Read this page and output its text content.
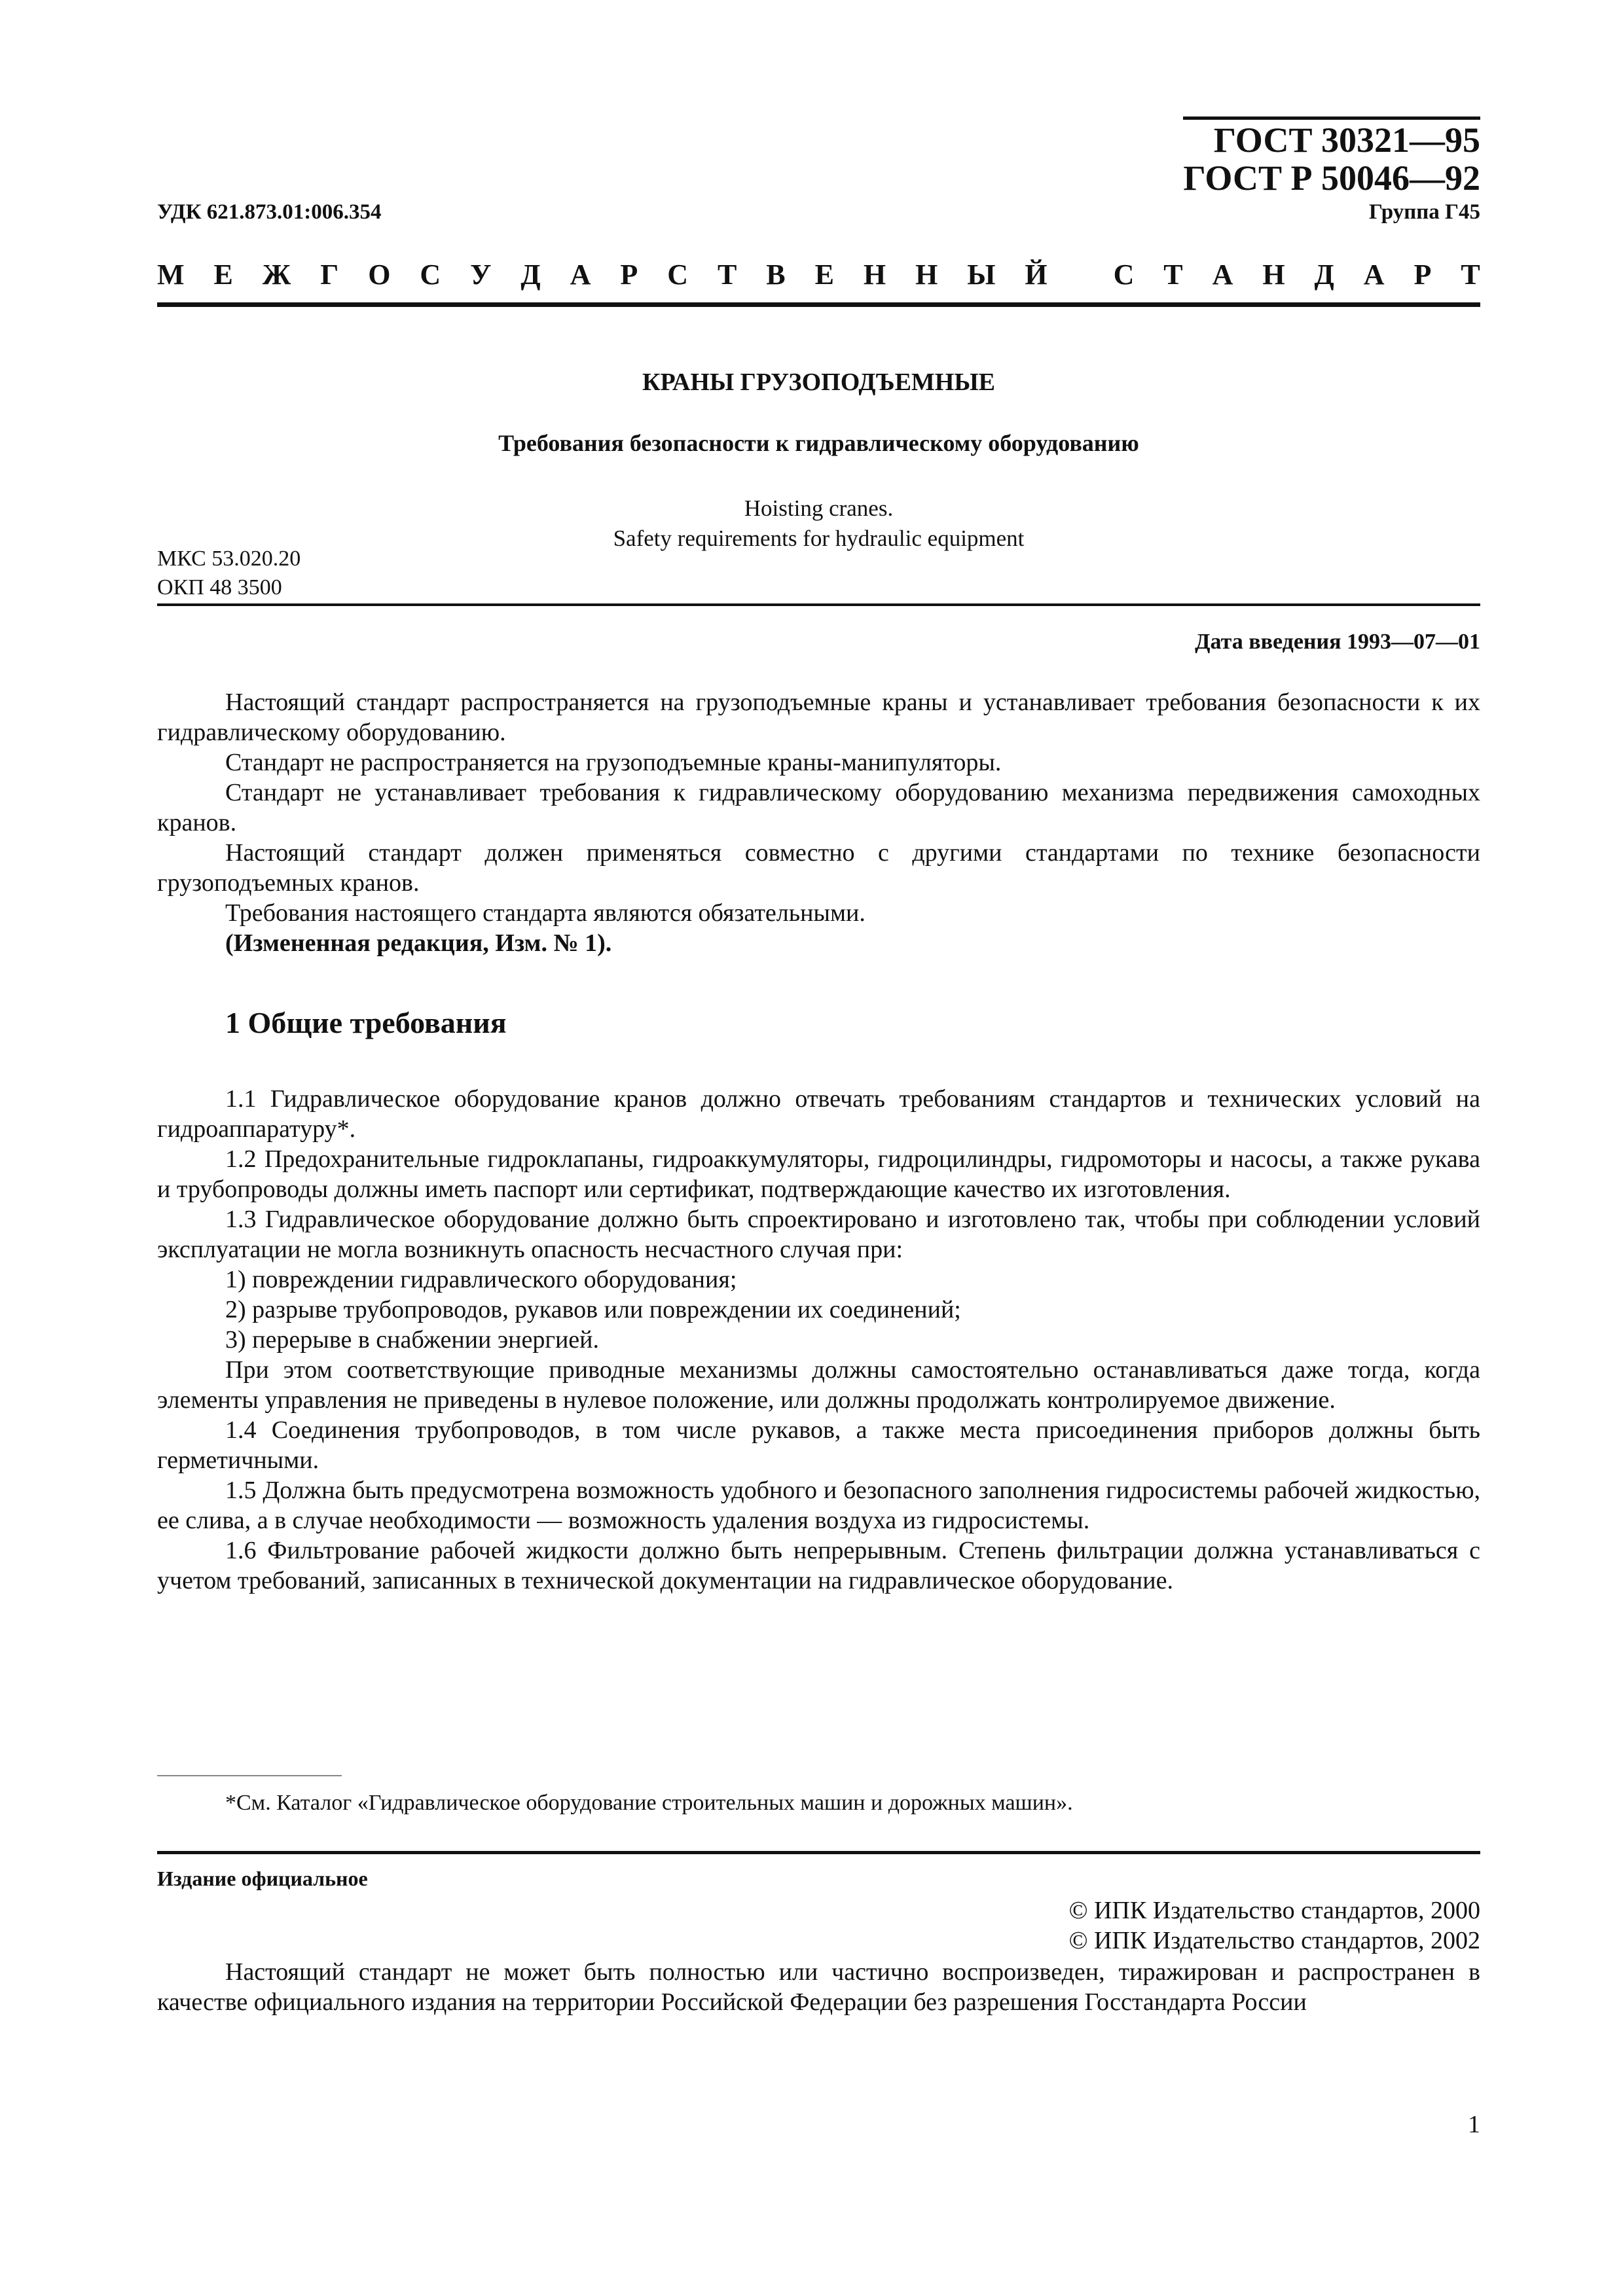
ГОСТ 30321—95
ГОСТ Р 50046—92
УДК 621.873.01:006.354	Группа Г45
М Е Ж Г О С У Д А Р С Т В Е Н Н Ы Й
С Т А Н Д А Р Т
КРАНЫ ГРУЗОПОДЪЕМНЫЕ
Требования безопасности к гидравлическому оборудованию
Hoisting cranes.
Safety requirements for hydraulic equipment
МКС 53.020.20
ОКП 48 3500
Дата введения 1993—07—01

Настоящий стандарт распространяется на грузоподъемные краны и устанавливает требования безопасности к их гидравлическому оборудованию.

Стандарт не распространяется на грузоподъемные краны-манипуляторы.

Стандарт не устанавливает требования к гидравлическому оборудованию механизма передвижения самоходных кранов.

Настоящий стандарт должен применяться совместно с другими стандартами по технике безопасности грузоподъемных кранов.

Требования настоящего стандарта являются обязательными.

(Измененная редакция, Изм. № 1).

1 Общие требования

1.1 Гидравлическое оборудование кранов должно отвечать требованиям стандартов и технических условий на гидроаппаратуру*.

1.2 Предохранительные гидроклапаны, гидроаккумуляторы, гидроцилиндры, гидромоторы и насосы, а также рукава и трубопроводы должны иметь паспорт или сертификат, подтверждающие качество их изготовления.

1.3 Гидравлическое оборудование должно быть спроектировано и изготовлено так, чтобы при соблюдении условий эксплуатации не могла возникнуть опасность несчастного случая при:

1) повреждении гидравлического оборудования;

2) разрыве трубопроводов, рукавов или повреждении их соединений;

3) перерыве в снабжении энергией.

При этом соответствующие приводные механизмы должны самостоятельно останавливаться даже тогда, когда элементы управления не приведены в нулевое положение, или должны продолжать контролируемое движение.

1.4 Соединения трубопроводов, в том числе рукавов, а также места присоединения приборов должны быть герметичными.

1.5 Должна быть предусмотрена возможность удобного и безопасного заполнения гидросистемы рабочей жидкостью, ее слива, а в случае необходимости — возможность удаления воздуха из гидросистемы.

1.6 Фильтрование рабочей жидкости должно быть непрерывным. Степень фильтрации должна устанавливаться с учетом требований, записанных в технической документации на гидравлическое оборудование.

*См. Каталог «Гидравлическое оборудование строительных машин и дорожных машин».
Издание официальное
© ИПК Издательство стандартов, 2000
© ИПК Издательство стандартов, 2002

Настоящий стандарт не может быть полностью или частично воспроизведен, тиражирован и распространен в качестве официального издания на территории Российской Федерации без разрешения Госстандарта России

1
